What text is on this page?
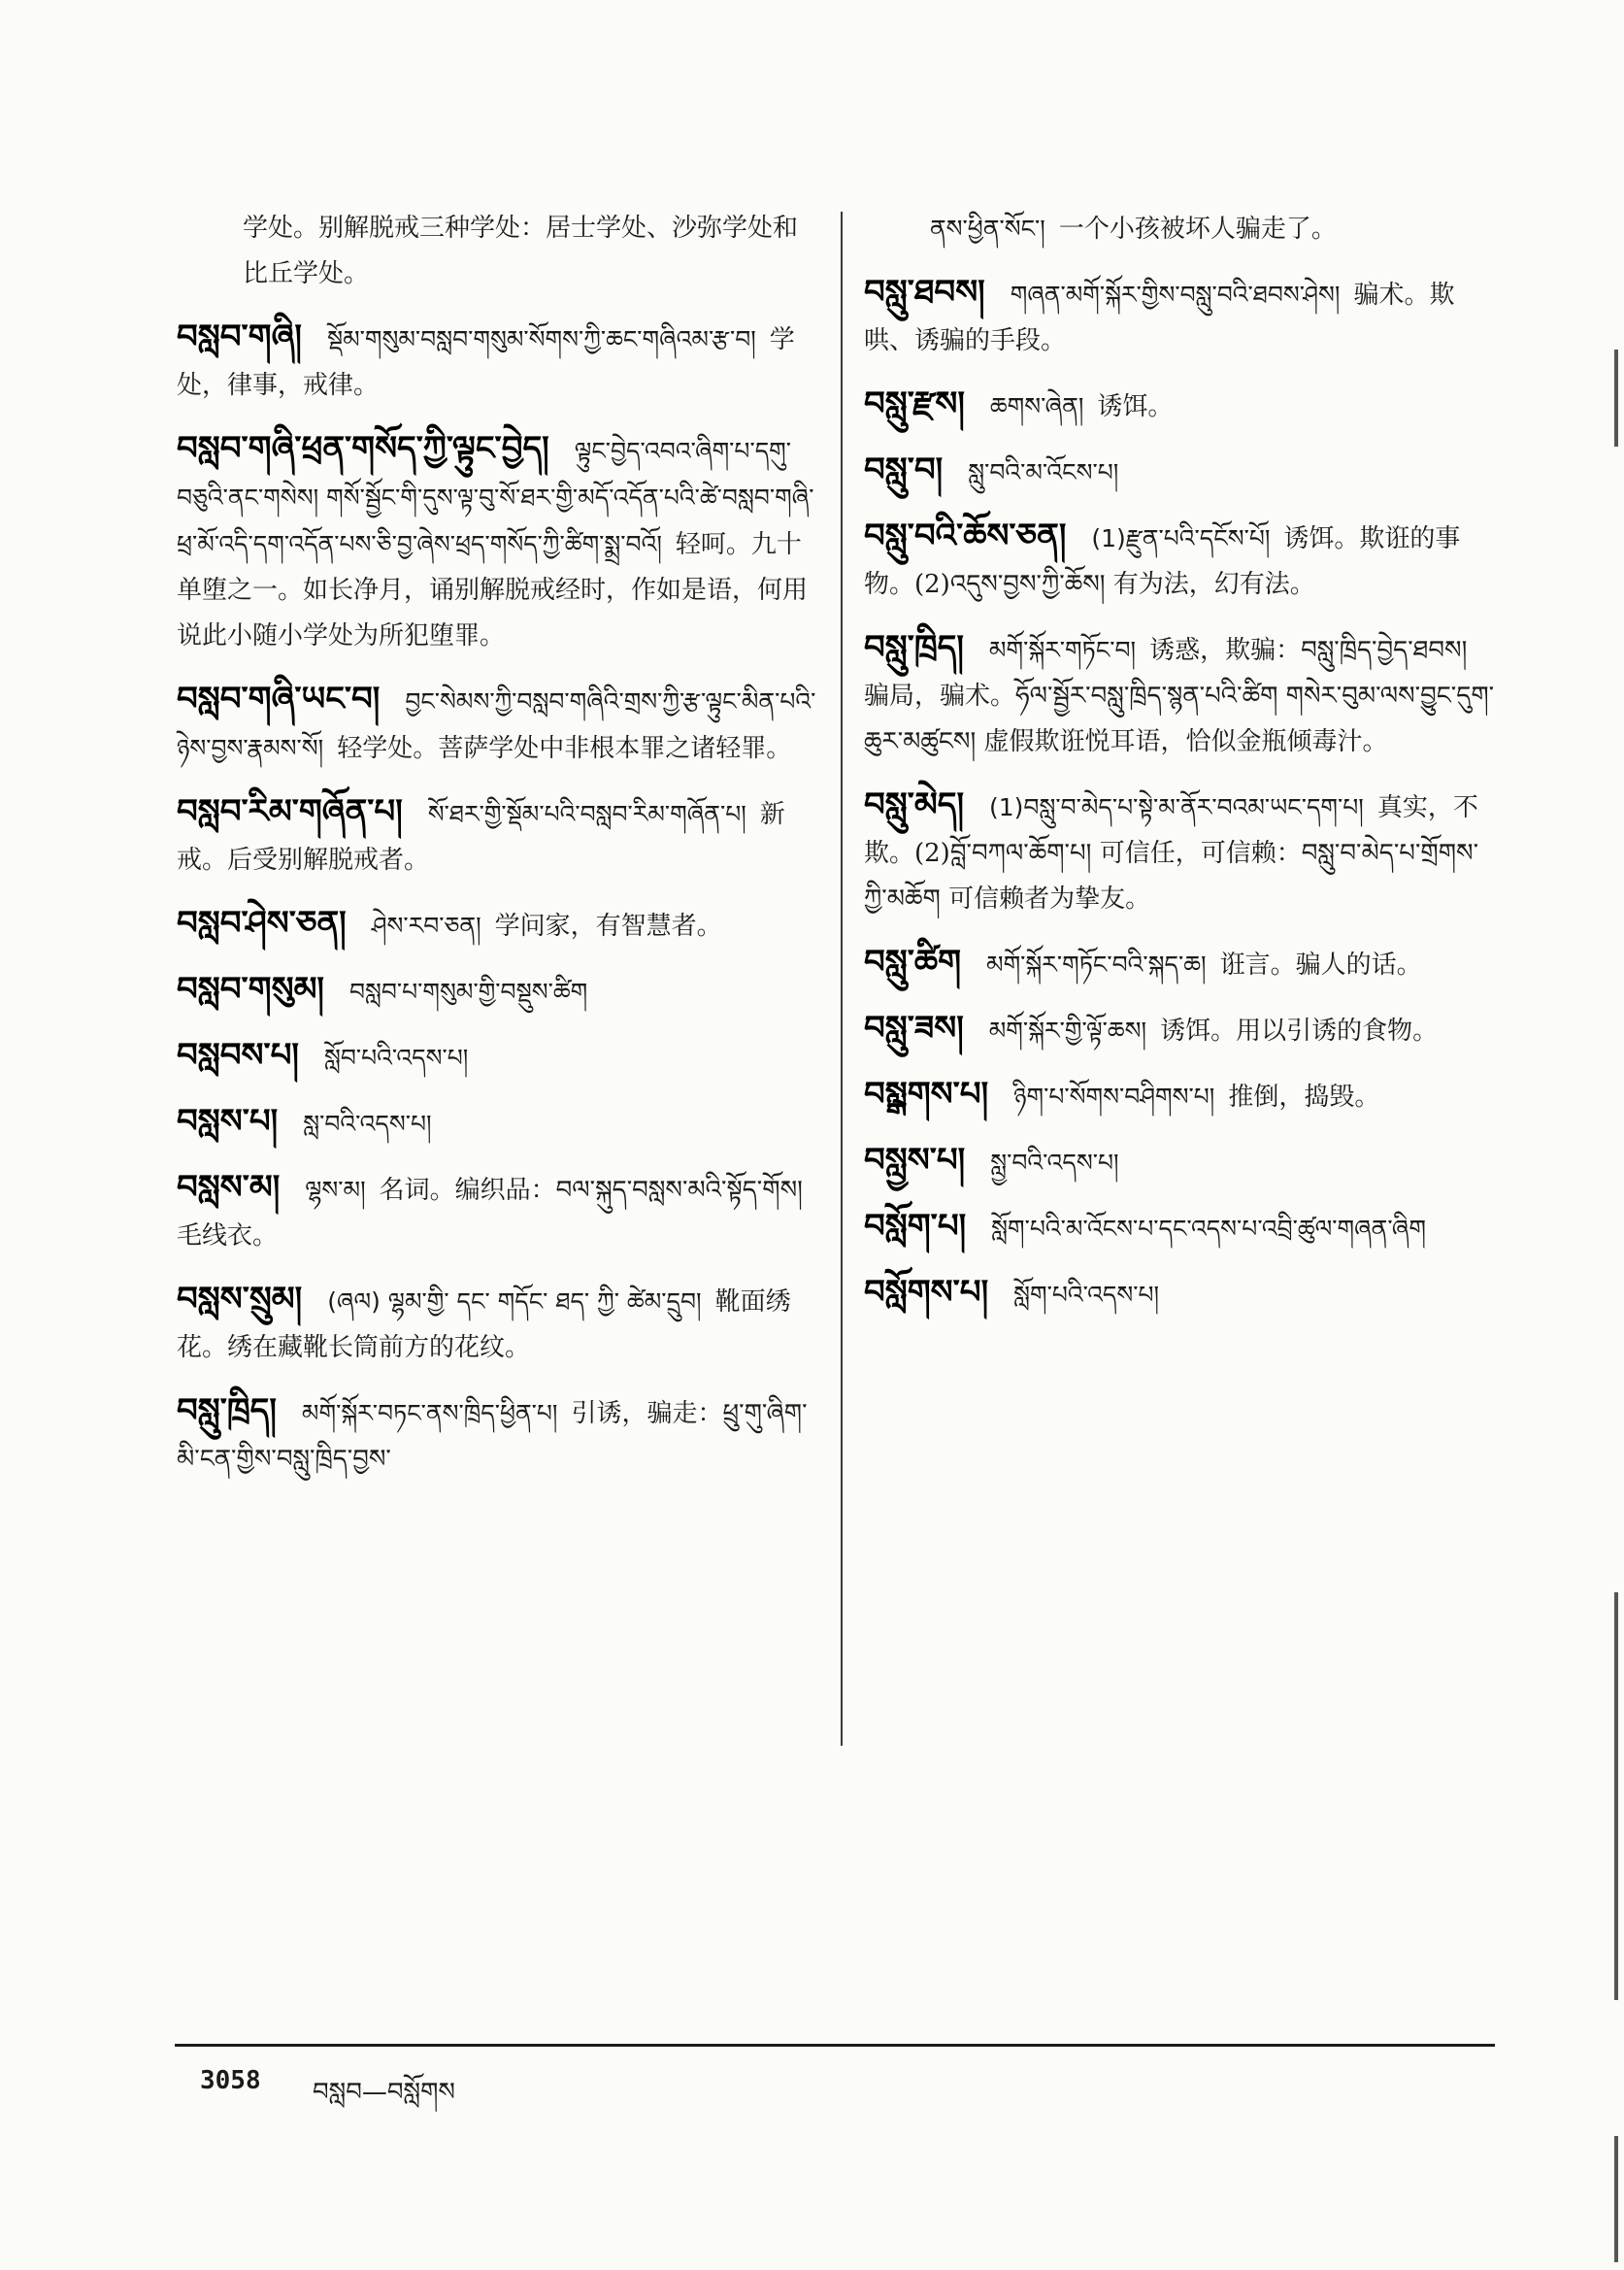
学处。别解脱戒三种学处：居士学处、沙弥学处和比丘学处。
བསླབ་གཞི། སྡོམ་གསུམ་བསླབ་གསུམ་སོགས་ཀྱི་ཆང་གཞིའམ་རྩ་བ། 学处，律事，戒律。
བསླབ་གཞི་ཕྲན་གསོད་ཀྱི་ལྟུང་བྱེད། ལྟུང་བྱེད་འབའ་ཞིག་པ་དགུ་བཅུའི་ནང་གསེས། གསོ་སྦྱོང་གི་དུས་ལྟ་བུ་སོ་ཐར་གྱི་མདོ་འདོན་པའི་ཚེ་བསླབ་གཞི་ཕྲ་མོ་འདི་དག་འདོན་པས་ཅི་བྱ་ཞེས་ཕྲད་གསོད་ཀྱི་ཚིག་སྨྲ་བའོ། 轻呵。九十单堕之一。如长净月，诵别解脱戒经时，作如是语，何用说此小随小学处为所犯堕罪。
བསླབ་གཞི་ཡང་བ། བྱང་སེམས་ཀྱི་བསླབ་གཞིའི་གྲས་ཀྱི་རྩ་ལྟུང་མིན་པའི་ཉེས་བྱས་རྣམས་སོ། 轻学处。菩萨学处中非根本罪之诸轻罪。
བསླབ་རིམ་གཞོན་པ། སོ་ཐར་གྱི་སྡོམ་པའི་བསླབ་རིམ་གཞོན་པ། 新戒。后受别解脱戒者。
བསླབ་ཤེས་ཅན། ཤེས་རབ་ཅན། 学问家，有智慧者。
བསླབ་གསུམ། བསླབ་པ་གསུམ་གྱི་བསྡུས་ཚིག
བསླབས་པ། སློབ་པའི་འདས་པ།
བསླས་པ། སླ་བའི་འདས་པ།
བསླས་མ། ལྷས་མ། 名词。编织品：བལ་སྐུད་བསླས་མའི་སྟོད་གོས། 毛线衣。
བསླས་སྲུམ། (ཞལ) ལྷམ་གྱི་ དང་ གདོང་ ཐད་ ཀྱི་ ཚེམ་དྲུབ། 靴面绣花。绣在藏靴长筒前方的花纹。
བསླུ་ཁྲིད། མགོ་སྐོར་བཏང་ནས་ཁྲིད་ཕྱིན་པ། 引诱，骗走：ཕྲུ་གུ་ཞིག་མི་ངན་གྱིས་བསླུ་ཁྲིད་བྱས་
ནས་ཕྱིན་སོང་། 一个小孩被坏人骗走了。
བསླུ་ཐབས། གཞན་མགོ་སྐོར་གྱིས་བསླུ་བའི་ཐབས་ཤེས། 骗术。欺哄、诱骗的手段。
བསླུ་རྫས། ཆགས་ཞེན། 诱饵。
བསླུ་བ། སླུ་བའི་མ་འོངས་པ།
བསླུ་བའི་ཆོས་ཅན། (1)རྫུན་པའི་དངོས་པོ། 诱饵。欺诳的事物。(2)འདུས་བྱས་ཀྱི་ཆོས། 有为法，幻有法。
བསླུ་ཁྲིད། མགོ་སྐོར་གཏོང་བ། 诱惑，欺骗：བསླུ་ཁྲིད་བྱེད་ཐབས། 骗局，骗术。ཧོལ་སྦྱོར་བསླུ་ཁྲིད་སྙན་པའི་ཚིག གསེར་བུམ་ལས་བྱུང་དུག་ཆུར་མཚུངས། 虚假欺诳悦耳语，恰似金瓶倾毒汁。
བསླུ་མེད། (1)བསླུ་བ་མེད་པ་སྟེ་མ་ནོར་བའམ་ཡང་དག་པ། 真实，不欺。(2)བློ་བཀལ་ཆོག་པ། 可信任，可信赖：བསླུ་བ་མེད་པ་གྲོགས་ཀྱི་མཆོག 可信赖者为挚友。
བསླུ་ཚིག མགོ་སྐོར་གཏོང་བའི་སྐད་ཆ། 诳言。骗人的话。
བསླུ་ཟས། མགོ་སྐོར་གྱི་ལྟོ་ཆས། 诱饵。用以引诱的食物。
བསླྒགས་པ། ཉིག་པ་སོགས་བཤིགས་པ། 推倒，捣毁。
བསླྱས་པ། སླྱ་བའི་འདས་པ།
བསློག་པ། སློག་པའི་མ་འོངས་པ་དང་འདས་པ་འབྲི་ཚུལ་གཞན་ཞིག
བསློགས་པ། སློག་པའི་འདས་པ།
3058 བསླབ—བསློགས
